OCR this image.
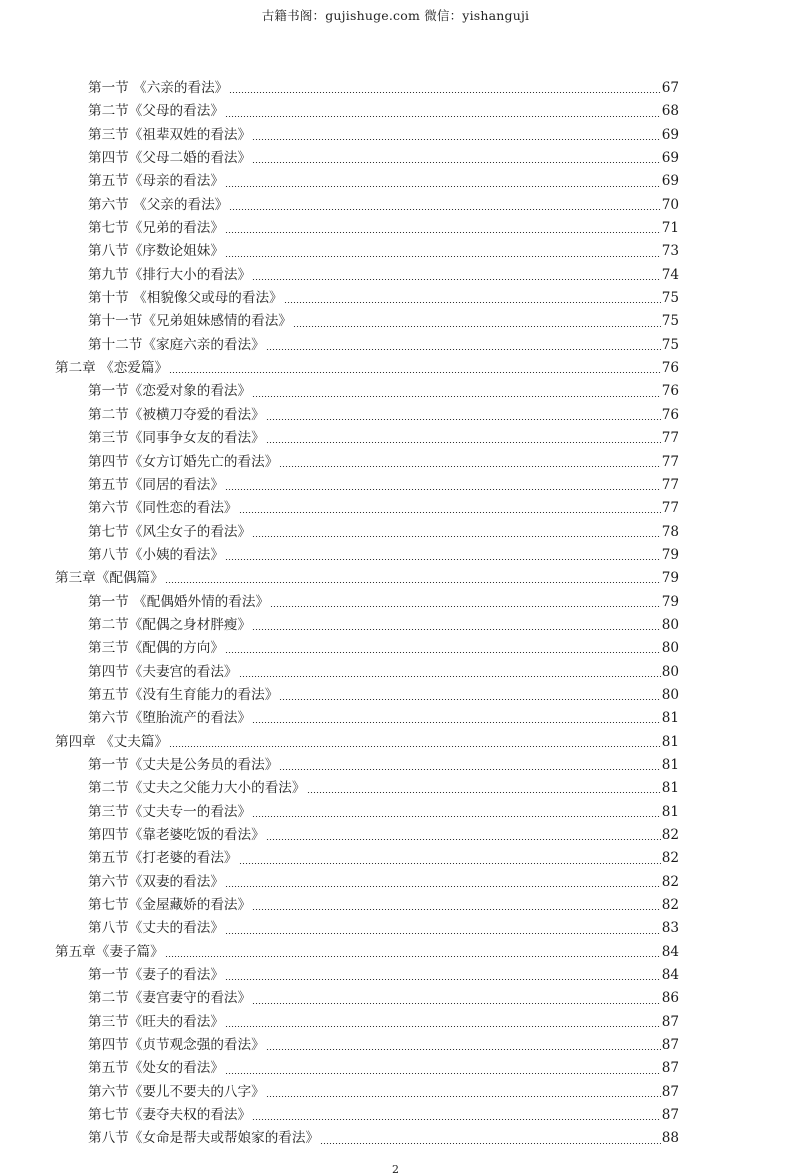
古籍书阁：gujishuge.com 微信：yishanguji
第一节 《六亲的看法》	67
第二节《父母的看法》	68
第三节《祖辈双姓的看法》	69
第四节《父母二婚的看法》	69
第五节《母亲的看法》	69
第六节 《父亲的看法》	70
第七节《兄弟的看法》	71
第八节《序数论姐妹》	73
第九节《排行大小的看法》	74
第十节 《相貌像父或母的看法》	75
第十一节《兄弟姐妹感情的看法》	75
第十二节《家庭六亲的看法》	75
第二章 《恋爱篇》	76
第一节《恋爱对象的看法》	76
第二节《被横刀夺爱的看法》	76
第三节《同事争女友的看法》	77
第四节《女方订婚先亡的看法》	77
第五节《同居的看法》	77
第六节《同性恋的看法》	77
第七节《风尘女子的看法》	78
第八节《小姨的看法》	79
第三章《配偶篇》	79
第一节 《配偶婚外情的看法》	79
第二节《配偶之身材胖瘦》	80
第三节《配偶的方向》	80
第四节《夫妻宫的看法》	80
第五节《没有生育能力的看法》	80
第六节《堕胎流产的看法》	81
第四章 《丈夫篇》	81
第一节《丈夫是公务员的看法》	81
第二节《丈夫之父能力大小的看法》	81
第三节《丈夫专一的看法》	81
第四节《靠老婆吃饭的看法》	82
第五节《打老婆的看法》	82
第六节《双妻的看法》	82
第七节《金屋藏娇的看法》	82
第八节《丈夫的看法》	83
第五章《妻子篇》	84
第一节《妻子的看法》	84
第二节《妻宫妻守的看法》	86
第三节《旺夫的看法》	87
第四节《贞节观念强的看法》	87
第五节《处女的看法》	87
第六节《要儿不要夫的八字》	87
第七节《妻夺夫权的看法》	87
第八节《女命是帮夫或帮娘家的看法》	88
2
